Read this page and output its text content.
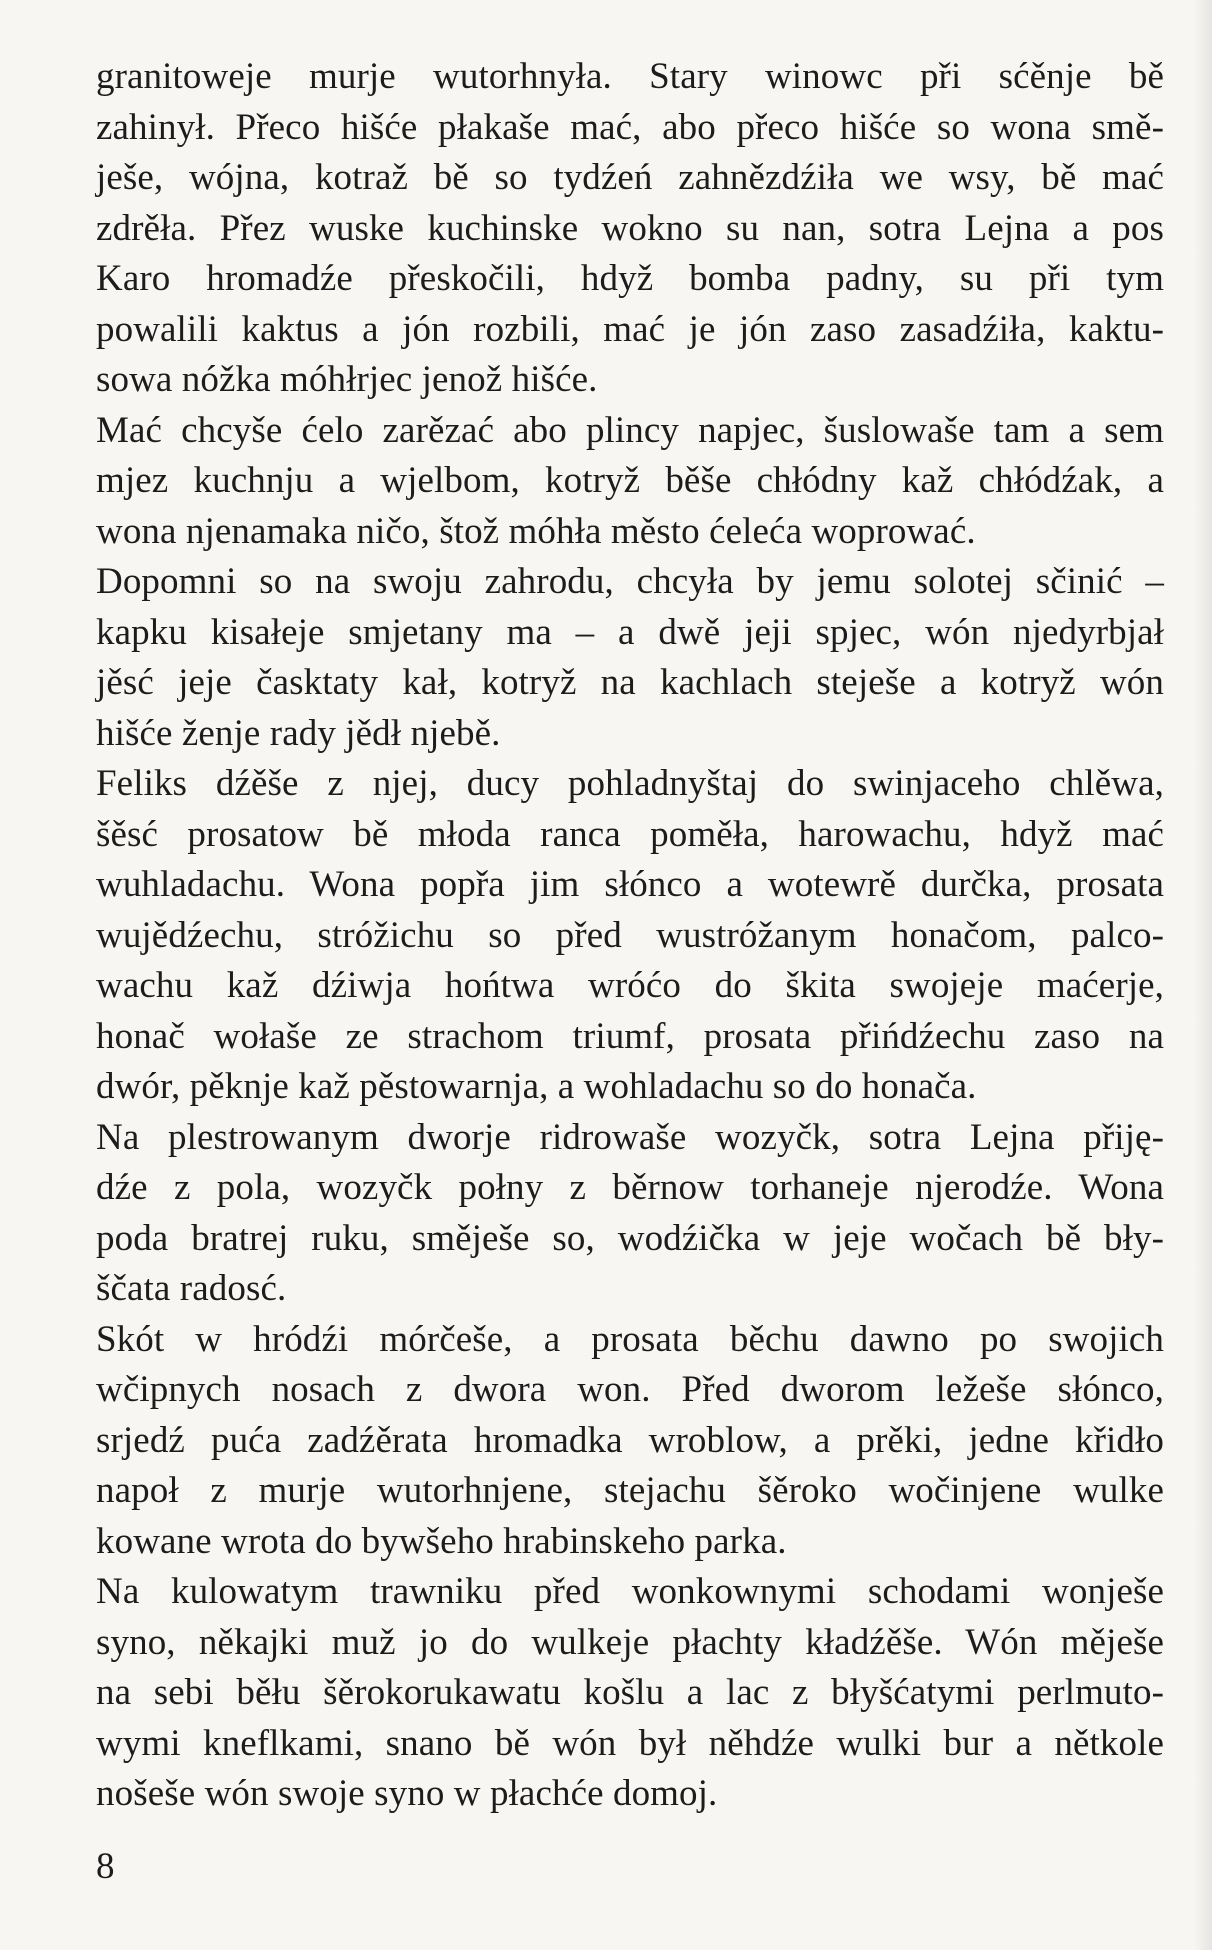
granitoweje murje wutorhnyła. Stary winowc při sćěnje bě
zahinył. Přeco hišće płakaše mać, abo přeco hišće so wona smě-
ješe, wójna, kotraž bě so tydźeń zahnězdźiła we wsy, bě mać
zdrěła. Přez wuske kuchinske wokno su nan, sotra Lejna a pos
Karo hromadźe přeskočili, hdyž bomba padny, su při tym
powalili kaktus a jón rozbili, mać je jón zaso zasadźiła, kaktu-
sowa nóžka móhłrjec jenož hišće.
Mać chcyše ćelo zarězać abo plincy napjec, šuslowaše tam a sem
mjez kuchnju a wjelbom, kotryž běše chłódny kaž chłódźak, a
wona njenamaka ničo, štož móhła město ćeleća woprować.
Dopomni so na swoju zahrodu, chcyła by jemu solotej sčinić –
kapku kisałeje smjetany ma – a dwě jeji spjec, wón njedyrbjał
jěsć jeje časktaty kał, kotryž na kachlach steješe a kotryž wón
hišće ženje rady jědł njebě.
Feliks dźěše z njej, ducy pohladnyštaj do swinjaceho chlěwa,
šěsć prosatow bě młoda ranca poměła, harowachu, hdyž mać
wuhladachu. Wona popřa jim słónco a wotewrě durčka, prosata
wujědźechu, stróžichu so před wustróžanym honačom, palco-
wachu kaž dźiwja hońtwa wróćo do škita swojeje maćerje,
honač wołaše ze strachom triumf, prosata přińdźechu zaso na
dwór, pěknje kaž pěstowarnja, a wohladachu so do honača.
Na plestrowanym dworje ridrowaše wozyčk, sotra Lejna přiję-
dźe z pola, wozyčk połny z běrnow torhaneje njerodźe. Wona
poda bratrej ruku, směješe so, wodźička w jeje wočach bě bły-
ščata radosć.
Skót w hródźi mórčeše, a prosata běchu dawno po swojich
wčipnych nosach z dwora won. Před dworom ležeše słónco,
srjedź puća zadźěrata hromadka wroblow, a prěki, jedne křidło
napoł z murje wutorhnjene, stejachu šěroko wočinjene wulke
kowane wrota do bywšeho hrabinskeho parka.
Na kulowatym trawniku před wonkownymi schodami wonješe
syno, někajki muž jo do wulkeje płachty kładźěše. Wón měješe
na sebi běłu šěrokorukawatu košlu a lac z błyšćatymi perlmuto-
wymi kneflkami, snano bě wón był něhdźe wulki bur a nětkole
nošeše wón swoje syno w płachće domoj.
8
